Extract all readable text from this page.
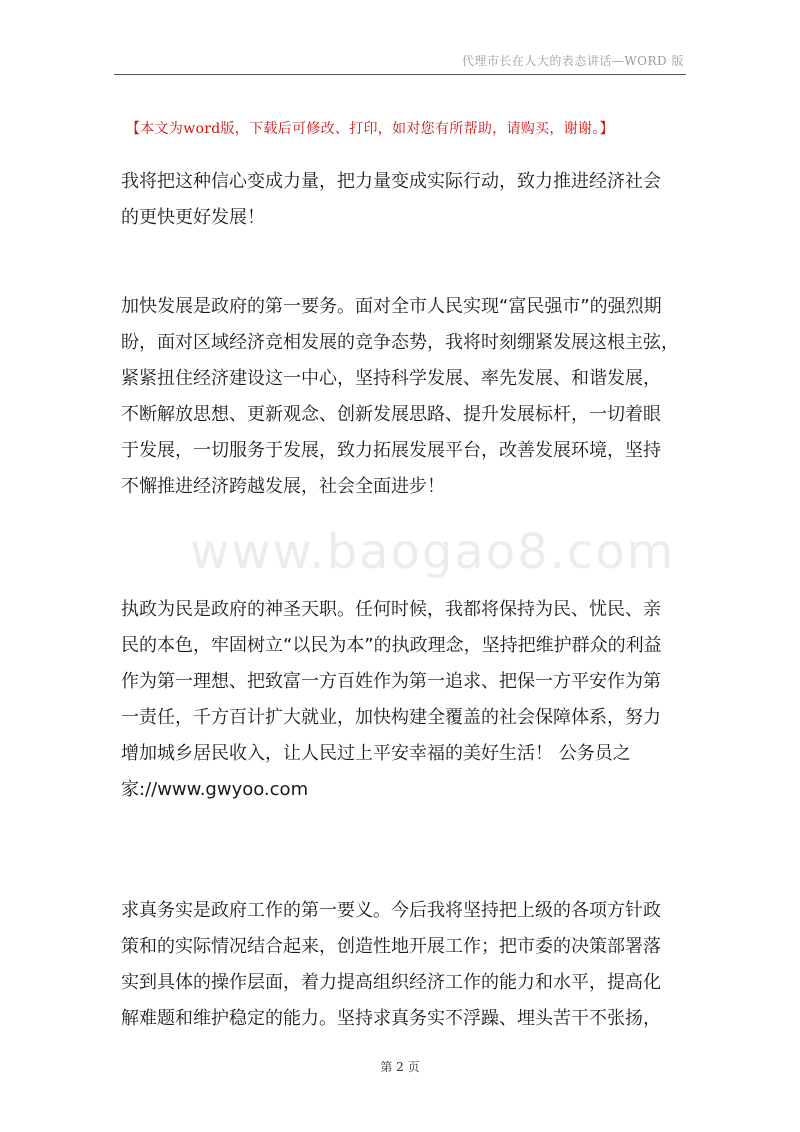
代理市长在人大的表态讲话—WORD 版
【本文为word版，下载后可修改、打印，如对您有所帮助，请购买，谢谢。】
我将把这种信心变成力量，把力量变成实际行动，致力推进经济社会
的更快更好发展！
加快发展是政府的第一要务。面对全市人民实现“富民强市”的强烈期
盼，面对区域经济竞相发展的竞争态势，我将时刻绷紧发展这根主弦，
紧紧扭住经济建设这一中心，坚持科学发展、率先发展、和谐发展，
不断解放思想、更新观念、创新发展思路、提升发展标杆，一切着眼
于发展，一切服务于发展，致力拓展发展平台，改善发展环境，坚持
不懈推进经济跨越发展，社会全面进步！
www.baogao8.com
执政为民是政府的神圣天职。任何时候，我都将保持为民、忧民、亲
民的本色，牢固树立“以民为本”的执政理念，坚持把维护群众的利益
作为第一理想、把致富一方百姓作为第一追求、把保一方平安作为第
一责任，千方百计扩大就业，加快构建全覆盖的社会保障体系，努力
增加城乡居民收入，让人民过上平安幸福的美好生活！ 公务员之
家://www.gwyoo.com
求真务实是政府工作的第一要义。今后我将坚持把上级的各项方针政
策和的实际情况结合起来，创造性地开展工作；把市委的决策部署落
实到具体的操作层面，着力提高组织经济工作的能力和水平，提高化
解难题和维护稳定的能力。坚持求真务实不浮躁、埋头苦干不张扬，
第 2 页
